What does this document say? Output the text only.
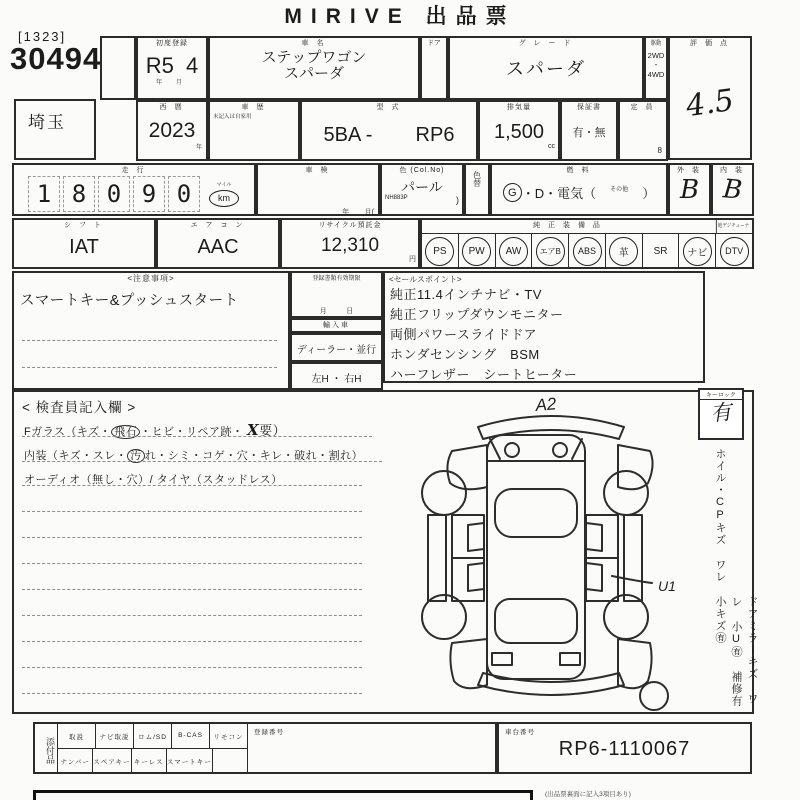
MIRIVE 出品票
[1323]
30494
埼玉
初度登録
R5  4
年 月
車 名
ステップワゴン
スパーダ
ドア	グ レ ー ド
スパーダ
駆動
2WD
・
4WD
評 価 点
4.5
西 暦
2023
年
車 歴
未記入は自家用
型 式
5BA - RP6
排気量
1,500
cc
保証書
有・無
定 員
8
走 行
1 8 0 9 0	マイル
km
車 検
年        月(
色 (Col.No)
パール
NH883P	)
色替
燃 料
G ・D・電気（ その他 ）
外 装
B
内 装
B
シ フ ト
IAT
エ ア コ ン
AAC
リサイクル預託金
12,310
円
純 正 装 備 品	地デジチューナー
PS PW AW エアB ABS 革 SR ナビ DTV
<注意事項>
スマートキー&プッシュスタート
登録書類有効期限
月          日
輸入車
ディーラー・並行
左H ・ 右H
<セールスポイント>
純正11.4インチナビ・TV
純正フリップダウンモニター
両側パワースライドドア
ホンダセンシング　BSM
ハーフレザー　シートヒーター
< 検査員記入欄 >
Fガラス（キズ・ 飛石 ・ヒビ・リペア跡・ X要）
内装（キズ・スレ・ 汚 れ・シミ・コゲ・穴・キレ・破れ・割れ）
オーディオ（無し・穴）/ タイヤ（スタッドレス）
A2
U1
キーロック
有
ドアミラーキズ ワレ 小U㊒ 補修有
ホイル・CPキズ ワレ 小キズ㊒
添付品	取説	ナビ取説	ロム/SD	B-CAS	リモコン
ナンバー スペアキー キーレス スマートキー
登録番号	車台番号
RP6-1110067
(出品票裏面に記入3項目あり)
